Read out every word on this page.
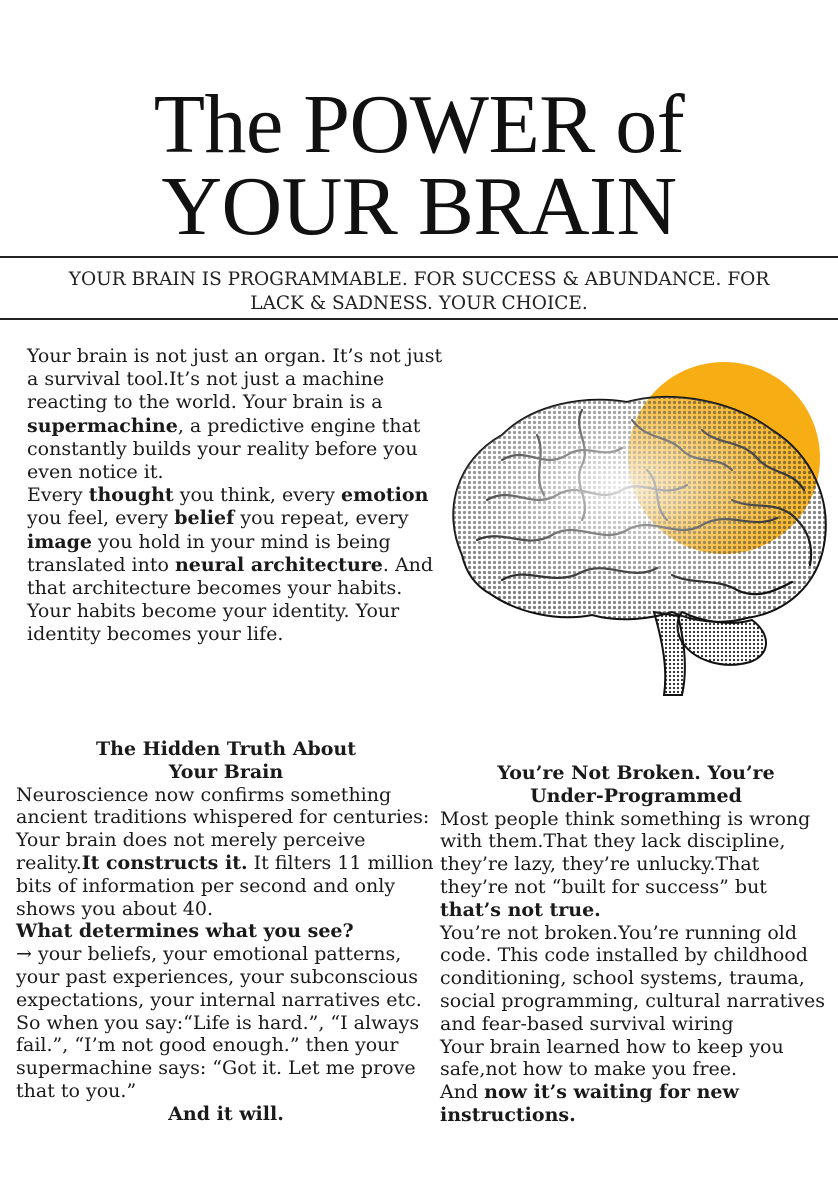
The POWER of
YOUR BRAIN
YOUR BRAIN IS PROGRAMMABLE. FOR SUCCESS & ABUNDANCE. FOR
LACK & SADNESS. YOUR CHOICE.

Your brain is not just an organ. It’s not just a survival tool.It’s not just a machine reacting to the world. Your brain is a supermachine, a predictive engine that constantly builds your reality before you even notice it.

Every thought you think, every emotion you feel, every belief you repeat, every image you hold in your mind is being translated into neural architecture. And that architecture becomes your habits. Your habits become your identity. Your identity becomes your life.

The Hidden Truth About
Your Brain

Neuroscience now confirms something ancient traditions whispered for centuries:

Your brain does not merely perceive reality.It constructs it. It filters 11 million bits of information per second and only shows you about 40.

What determines what you see?

→ your beliefs, your emotional patterns, your past experiences, your subconscious expectations, your internal narratives etc.

So when you say:“Life is hard.”, “I always fail.”, “I’m not good enough.” then your supermachine says: “Got it. Let me prove that to you.”

And it will.

You’re Not Broken. You’re
Under-Programmed

Most people think something is wrong with them.That they lack discipline, they’re lazy, they’re unlucky.That they’re not “built for success” but that’s not true.

You’re not broken.You’re running old code. This code installed by childhood conditioning, school systems, trauma, social programming, cultural narratives and fear-based survival wiring

Your brain learned how to keep you safe,not how to make you free.

And now it’s waiting for new instructions.
